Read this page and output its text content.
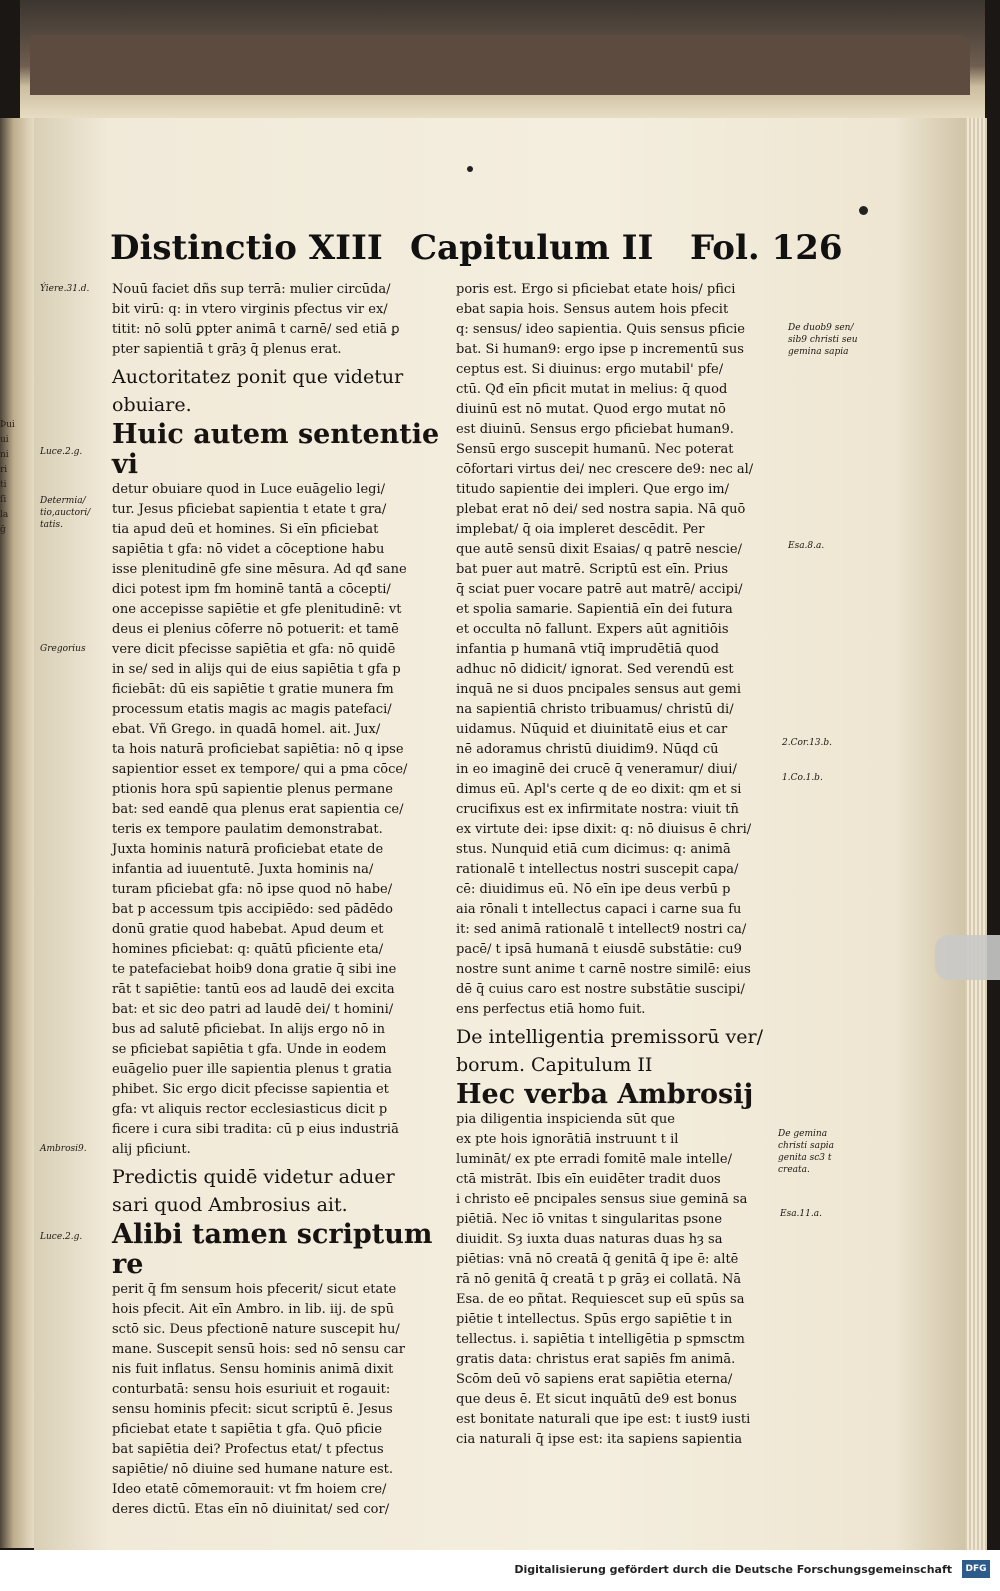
Þui
ui
ni
ri
ti
ſi
la
ḡ
Distinctio XIII Capitulum II Fol. 126
Ýiere.31.d.
Luce.2.g.
Determia/ tio,auctori/ tatis.
Gregorius
Ambrosi9.
Luce.2.g.
De duob9 sen/ sib9 christi seu gemina sapia
Esa.8.a.
2.Cor.13.b.
1.Co.1.b.
De gemina christi sapia genita sc3 t creata.
Esa.11.a.

Nouū faciet dñs sup terrā: mulier circūda/

bit virū: q: in vtero virginis pfectus vir ex/

titit: nō solū ꝑpter animā t carnē/ sed etiā ꝑ

pter sapientiā t grāȝ q̄ plenus erat.

Auctoritatez ponit que videtur

obuiare.

Huic autem sententie vi

detur obuiare quod in Luce euāgelio legi/

tur. Jesus pficiebat sapientia t etate t gra/

tia apud deū et homines. Si eīn pficiebat

sapiētia t gfa: nō videt a cōceptione habu

isse plenitudinē gfe sine mēsura. Ad qđ sane

dici potest ipm fm hominē tantā a cōcepti/

one accepisse sapiētie et gfe plenitudinē: vt

deus ei plenius cōferre nō potuerit: et tamē

vere dicit pfecisse sapiētia et gfa: nō quidē

in se/ sed in alijs qui de eius sapiētia t gfa p

ficiebāt: dū eis sapiētie t gratie munera fm

processum etatis magis ac magis patefaci/

ebat. Vñ Grego. in quadā homel. ait. Jux/

ta hois naturā proficiebat sapiētia: nō q ipse

sapientior esset ex tempore/ qui a pma cōce/

ptionis hora spū sapientie plenus permane

bat: sed eandē qua plenus erat sapientia ce/

teris ex tempore paulatim demonstrabat.

Juxta hominis naturā proficiebat etate de

infantia ad iuuentutē. Juxta hominis na/

turam pficiebat gfa: nō ipse quod nō habe/

bat p accessum tpis accipiēdo: sed pādēdo

donū gratie quod habebat. Apud deum et

homines pficiebat: q: quātū pficiente eta/

te patefaciebat hoib9 dona gratie q̄ sibi ine

rāt t sapiētie: tantū eos ad laudē dei excita

bat: et sic deo patri ad laudē dei/ t homini/

bus ad salutē pficiebat. In alijs ergo nō in

se pficiebat sapiētia t gfa. Unde in eodem

euāgelio puer ille sapientia plenus t gratia

phibet. Sic ergo dicit pfecisse sapientia et

gfa: vt aliquis rector ecclesiasticus dicit p

ficere i cura sibi tradita: cū p eius industriā

alij pficiunt.

Predictis quidē videtur aduer

sari quod Ambrosius ait.

Alibi tamen scriptum re

perit q̄ fm sensum hois pfecerit/ sicut etate

hois pfecit. Ait eīn Ambro. in lib. iij. de spū

sctō sic. Deus pfectionē nature suscepit hu/

mane. Suscepit sensū hois: sed nō sensu car

nis fuit inflatus. Sensu hominis animā dixit

conturbatā: sensu hois esuriuit et rogauit:

sensu hominis pfecit: sicut scriptū ē. Jesus

pficiebat etate t sapiētia t gfa. Quō pficie

bat sapiētia dei? Profectus etat/ t pfectus

sapiētie/ nō diuine sed humane nature est.

Ideo etatē cōmemorauit: vt fm hoiem cre/

deres dictū. Etas eīn nō diuinitat/ sed cor/

poris est. Ergo si pficiebat etate hois/ pfici

ebat sapia hois. Sensus autem hois pfecit

q: sensus/ ideo sapientia. Quis sensus pficie

bat. Si human9: ergo ipse p incrementū sus

ceptus est. Si diuinus: ergo mutabil' pfe/

ctū. Qđ eīn pficit mutat in melius: q̄ quod

diuinū est nō mutat. Quod ergo mutat nō

est diuinū. Sensus ergo pficiebat human9.

Sensū ergo suscepit humanū. Nec poterat

cōfortari virtus dei/ nec crescere de9: nec al/

titudo sapientie dei impleri. Que ergo im/

plebat erat nō dei/ sed nostra sapia. Nā quō

implebat/ q̄ oia impleret descēdit. Per

que autē sensū dixit Esaias/ q patrē nescie/

bat puer aut matrē. Scriptū est eīn. Prius

q̄ sciat puer vocare patrē aut matrē/ accipi/

et spolia samarie. Sapientiā eīn dei futura

et occulta nō fallunt. Expers aūt agnitiōis

infantia p humanā vtiq̄ imprudētiā quod

adhuc nō didicit/ ignorat. Sed verendū est

inquā ne si duos pncipales sensus aut gemi

na sapientiā christo tribuamus/ christū di/

uidamus. Nūquid et diuinitatē eius et car

nē adoramus christū diuidim9. Nūqd cū

in eo imaginē dei crucē q̄ veneramur/ diui/

dimus eū. Apl's certe q de eo dixit: qm et si

crucifixus est ex infirmitate nostra: viuit tn̄

ex virtute dei: ipse dixit: q: nō diuisus ē chri/

stus. Nunquid etiā cum dicimus: q: animā

rationalē t intellectus nostri suscepit capa/

cē: diuidimus eū. Nō eīn ipe deus verbū p

aia rōnali t intellectus capaci i carne sua fu

it: sed animā rationalē t intellect9 nostri ca/

pacē/ t ipsā humanā t eiusdē substātie: cu9

nostre sunt anime t carnē nostre similē: eius

dē q̄ cuius caro est nostre substātie suscipi/

ens perfectus etiā homo fuit.

De intelligentia premissorū ver/

borum. Capitulum II

Hec verba Ambrosij

pia diligentia inspicienda sūt que

ex pte hois ignorātiā instruunt t il

lumināt/ ex pte erradi fomitē male intelle/

ctā mistrāt. Ibis eīn euidēter tradit duos

i christo eē pncipales sensus siue geminā sa

piētiā. Nec iō vnitas t singularitas psone

diuidit. Sȝ iuxta duas naturas duas hȝ sa

piētias: vnā nō creatā q̄ genitā q̄ ipe ē: altē

rā nō genitā q̄ creatā t p grāȝ ei collatā. Nā

Esa. de eo pñtat. Requiescet sup eū spūs sa

piētie t intellectus. Spūs ergo sapiētie t in

tellectus. i. sapiētia t intelligētia p spmsctm

gratis data: christus erat sapiēs fm animā.

Scōm deū vō sapiens erat sapiētia eterna/

que deus ē. Et sicut inquātū de9 est bonus

est bonitate naturali que ipe est: t iust9 iusti

cia naturali q̄ ipse est: ita sapiens sapientia

Digitalisierung gefördert durch die Deutsche Forschungsgemeinschaft	DFG
